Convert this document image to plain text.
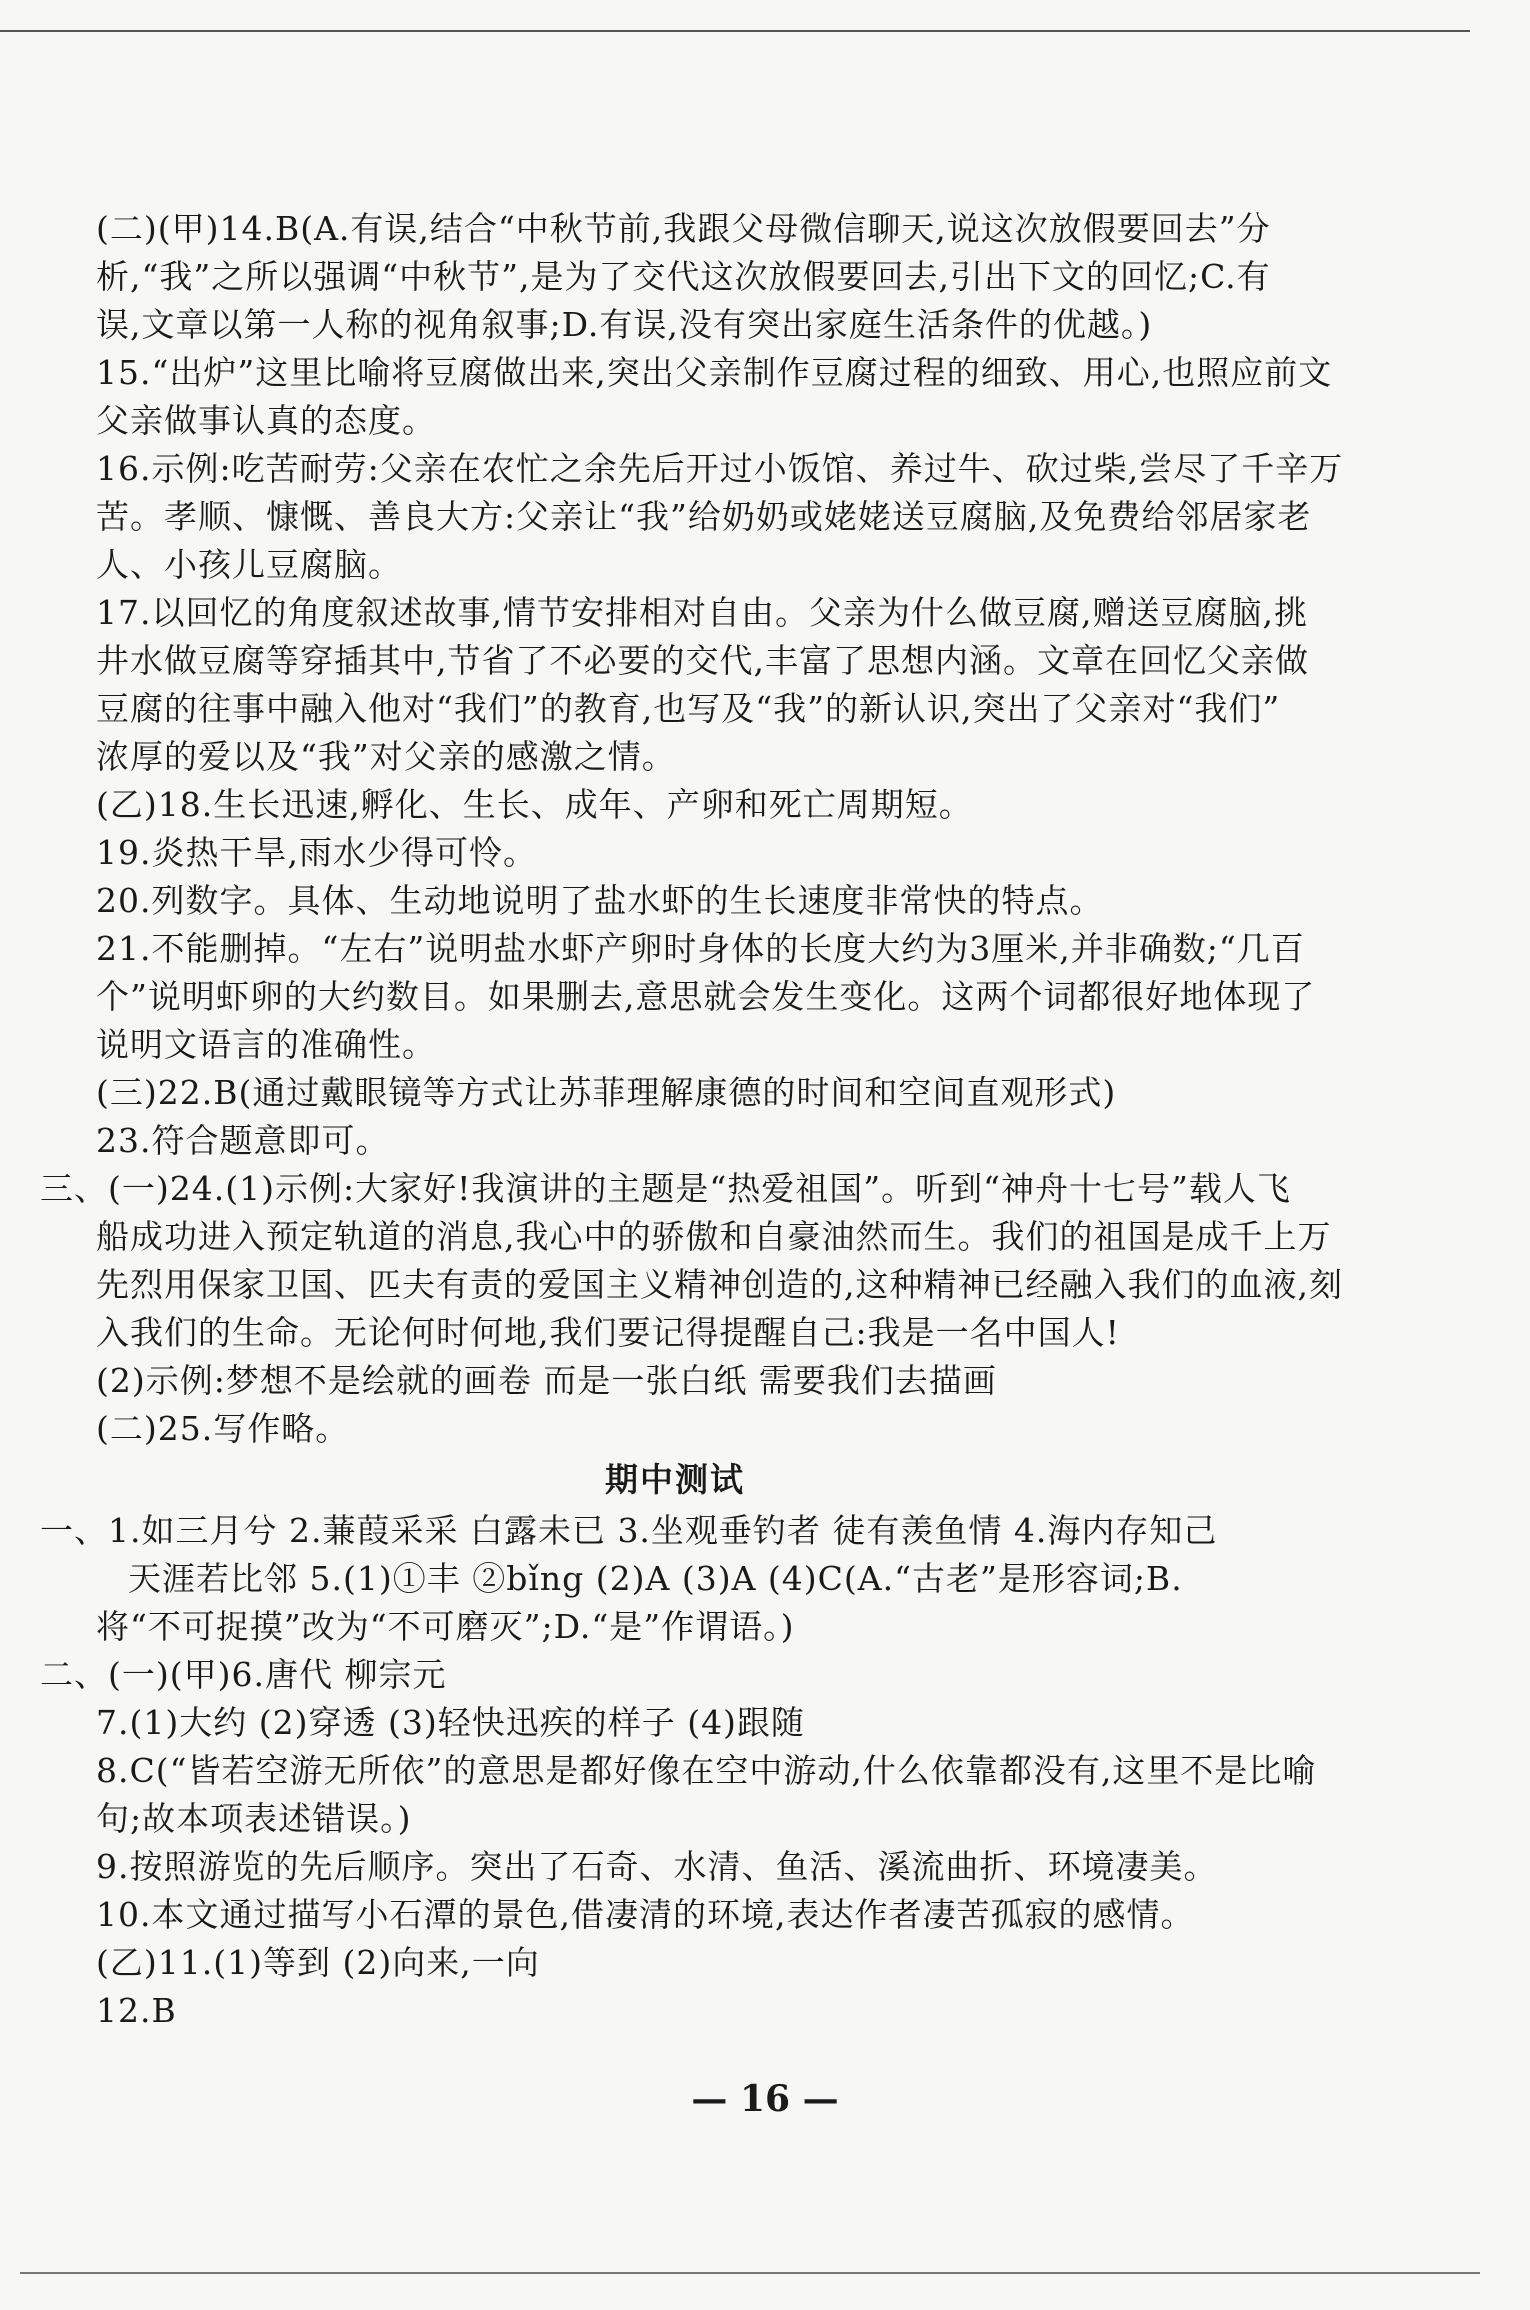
(二)(甲)14.B(A.有误,结合“中秋节前,我跟父母微信聊天,说这次放假要回去”分
析,“我”之所以强调“中秋节”,是为了交代这次放假要回去,引出下文的回忆;C.有
误,文章以第一人称的视角叙事;D.有误,没有突出家庭生活条件的优越。)
15.“出炉”这里比喻将豆腐做出来,突出父亲制作豆腐过程的细致、用心,也照应前文
父亲做事认真的态度。
16.示例:吃苦耐劳:父亲在农忙之余先后开过小饭馆、养过牛、砍过柴,尝尽了千辛万
苦。孝顺、慷慨、善良大方:父亲让“我”给奶奶或姥姥送豆腐脑,及免费给邻居家老
人、小孩儿豆腐脑。
17.以回忆的角度叙述故事,情节安排相对自由。父亲为什么做豆腐,赠送豆腐脑,挑
井水做豆腐等穿插其中,节省了不必要的交代,丰富了思想内涵。文章在回忆父亲做
豆腐的往事中融入他对“我们”的教育,也写及“我”的新认识,突出了父亲对“我们”
浓厚的爱以及“我”对父亲的感激之情。
(乙)18.生长迅速,孵化、生长、成年、产卵和死亡周期短。
19.炎热干旱,雨水少得可怜。
20.列数字。具体、生动地说明了盐水虾的生长速度非常快的特点。
21.不能删掉。“左右”说明盐水虾产卵时身体的长度大约为3厘米,并非确数;“几百
个”说明虾卵的大约数目。如果删去,意思就会发生变化。这两个词都很好地体现了
说明文语言的准确性。
(三)22.B(通过戴眼镜等方式让苏菲理解康德的时间和空间直观形式)
23.符合题意即可。
三、(一)24.(1)示例:大家好!我演讲的主题是“热爱祖国”。听到“神舟十七号”载人飞
船成功进入预定轨道的消息,我心中的骄傲和自豪油然而生。我们的祖国是成千上万
先烈用保家卫国、匹夫有责的爱国主义精神创造的,这种精神已经融入我们的血液,刻
入我们的生命。无论何时何地,我们要记得提醒自己:我是一名中国人!
(2)示例:梦想不是绘就的画卷 而是一张白纸 需要我们去描画
(二)25.写作略。
期中测试
一、1.如三月兮 2.蒹葭采采 白露未已 3.坐观垂钓者 徒有羡鱼情 4.海内存知己
天涯若比邻 5.(1)①丰 ②bǐng (2)A (3)A (4)C(A.“古老”是形容词;B.
将“不可捉摸”改为“不可磨灭”;D.“是”作谓语。)
二、(一)(甲)6.唐代 柳宗元
7.(1)大约 (2)穿透 (3)轻快迅疾的样子 (4)跟随
8.C(“皆若空游无所依”的意思是都好像在空中游动,什么依靠都没有,这里不是比喻
句;故本项表述错误。)
9.按照游览的先后顺序。突出了石奇、水清、鱼活、溪流曲折、环境凄美。
10.本文通过描写小石潭的景色,借凄清的环境,表达作者凄苦孤寂的感情。
(乙)11.(1)等到 (2)向来,一向
12.B
— 16 —
